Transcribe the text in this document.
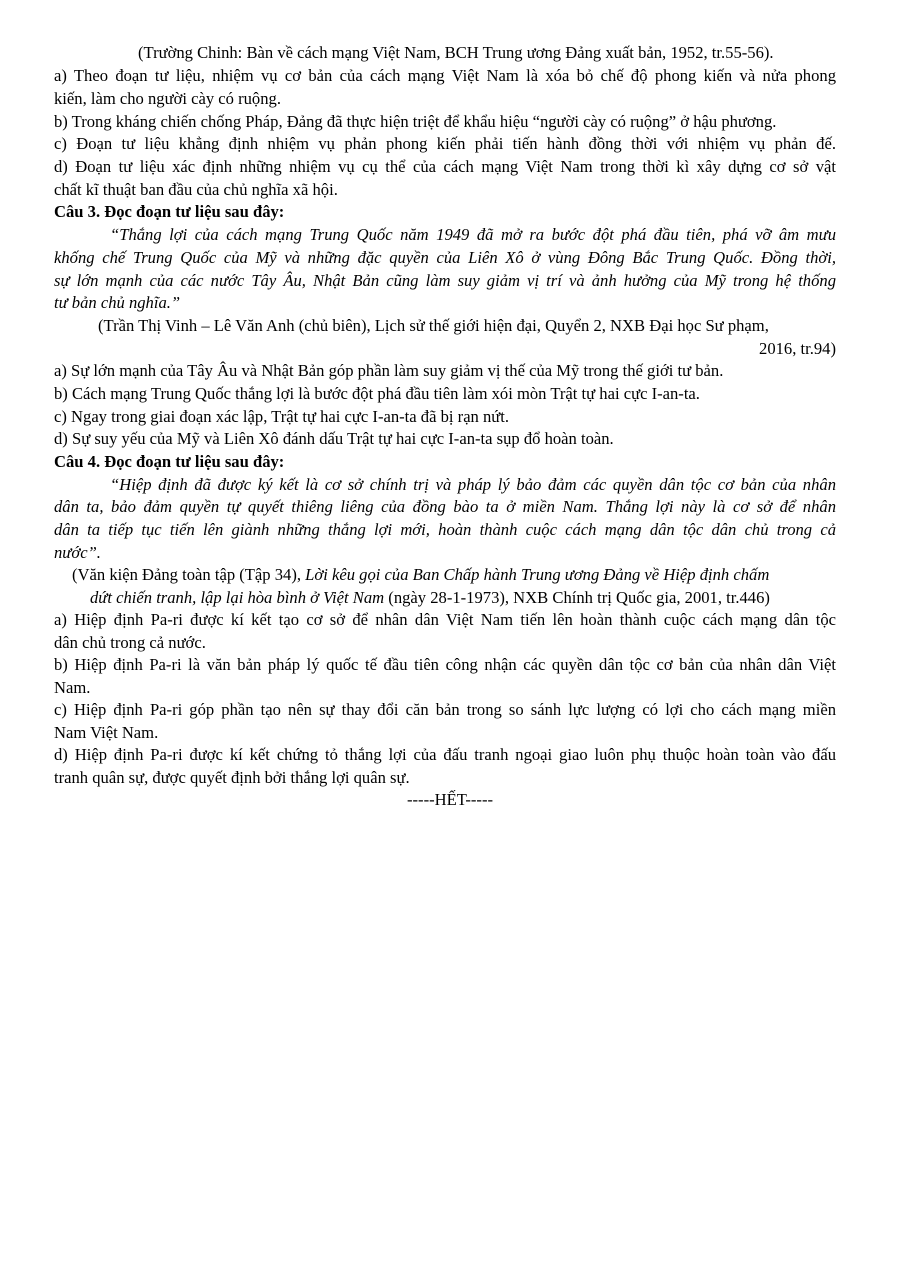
(Trường Chinh: Bàn về cách mạng Việt Nam, BCH Trung ương Đảng xuất bản, 1952, tr.55-56).
a) Theo đoạn tư liệu, nhiệm vụ cơ bản của cách mạng Việt Nam là xóa bỏ chế độ phong kiến và nửa phong
kiến, làm cho người cày có ruộng.
b) Trong kháng chiến chống Pháp, Đảng đã thực hiện triệt để khẩu hiệu “người cày có ruộng” ở hậu phương.
c) Đoạn tư liệu khẳng định nhiệm vụ phản phong kiến phải tiến hành đồng thời với nhiệm vụ phản đế.
d) Đoạn tư liệu xác định những nhiệm vụ cụ thể của cách mạng Việt Nam trong thời kì xây dựng cơ sở vật
chất kĩ thuật ban đầu của chủ nghĩa xã hội.
Câu 3. Đọc đoạn tư liệu sau đây:
“Thắng lợi của cách mạng Trung Quốc năm 1949 đã mở ra bước đột phá đầu tiên, phá vỡ âm mưu
khống chế Trung Quốc của Mỹ và những đặc quyền của Liên Xô ở vùng Đông Bắc Trung Quốc. Đồng thời,
sự lớn mạnh của các nước Tây Âu, Nhật Bản cũng làm suy giảm vị trí và ảnh hưởng của Mỹ trong hệ thống
tư bản chủ nghĩa.”
(Trần Thị Vinh – Lê Văn Anh (chủ biên), Lịch sử thế giới hiện đại, Quyển 2, NXB Đại học Sư phạm,
2016, tr.94)
a) Sự lớn mạnh của Tây Âu và Nhật Bản góp phần làm suy giảm vị thế của Mỹ trong thế giới tư bản.
b) Cách mạng Trung Quốc thắng lợi là bước đột phá đầu tiên làm xói mòn Trật tự hai cực I-an-ta.
c) Ngay trong giai đoạn xác lập, Trật tự hai cực I-an-ta đã bị rạn nứt.
d) Sự suy yếu của Mỹ và Liên Xô đánh dấu Trật tự hai cực I-an-ta sụp đổ hoàn toàn.
Câu 4. Đọc đoạn tư liệu sau đây:
“Hiệp định đã được ký kết là cơ sở chính trị và pháp lý bảo đảm các quyền dân tộc cơ bản của nhân
dân ta, bảo đảm quyền tự quyết thiêng liêng của đồng bào ta ở miền Nam. Thắng lợi này là cơ sở để nhân
dân ta tiếp tục tiến lên giành những thắng lợi mới, hoàn thành cuộc cách mạng dân tộc dân chủ trong cả
nước”.
(Văn kiện Đảng toàn tập (Tập 34), Lời kêu gọi của Ban Chấp hành Trung ương Đảng về Hiệp định chấm
dứt chiến tranh, lập lại hòa bình ở Việt Nam (ngày 28-1-1973), NXB Chính trị Quốc gia, 2001, tr.446)
a) Hiệp định Pa-ri được kí kết tạo cơ sở để nhân dân Việt Nam tiến lên hoàn thành cuộc cách mạng dân tộc
dân chủ trong cả nước.
b) Hiệp định Pa-ri là văn bản pháp lý quốc tế đầu tiên công nhận các quyền dân tộc cơ bản của nhân dân Việt
Nam.
c) Hiệp định Pa-ri góp phần tạo nên sự thay đổi căn bản trong so sánh lực lượng có lợi cho cách mạng miền
Nam Việt Nam.
d) Hiệp định Pa-ri được kí kết chứng tỏ thắng lợi của đấu tranh ngoại giao luôn phụ thuộc hoàn toàn vào đấu
tranh quân sự, được quyết định bởi thắng lợi quân sự.
-----HẾT-----
